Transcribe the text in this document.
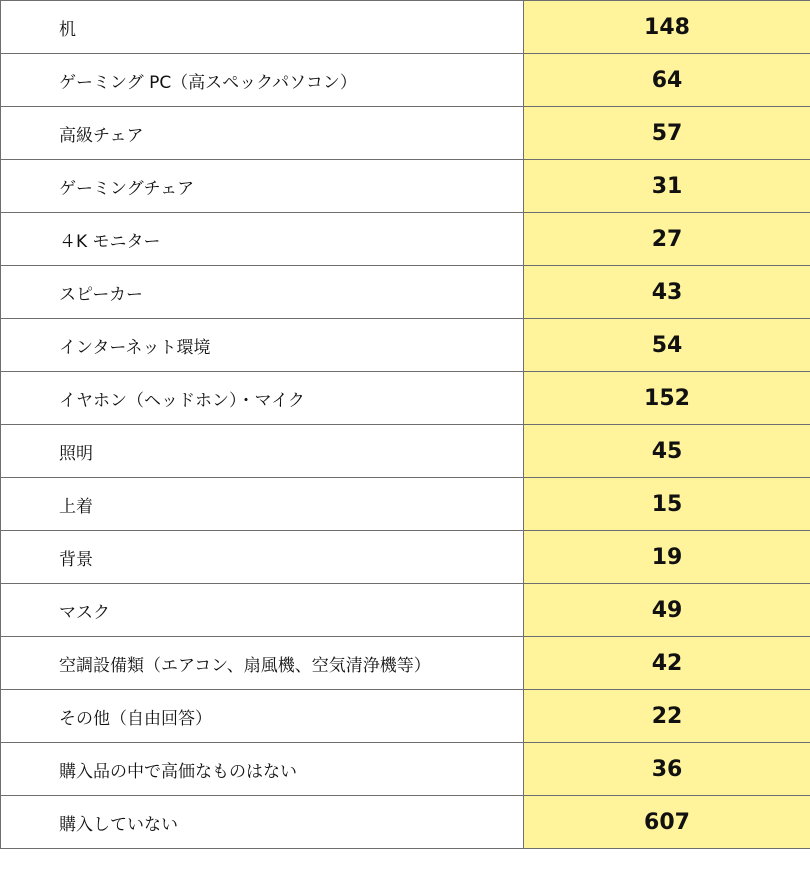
机	148
ゲーミング PC（高スペックパソコン）	64
高級チェア	57
ゲーミングチェア	31
４K モニター	27
スピーカー	43
インターネット環境	54
イヤホン（ヘッドホン）・マイク	152
照明	45
上着	15
背景	19
マスク	49
空調設備類（エアコン、扇風機、空気清浄機等）	42
その他（自由回答）	22
購入品の中で高価なものはない	36
購入していない	607
